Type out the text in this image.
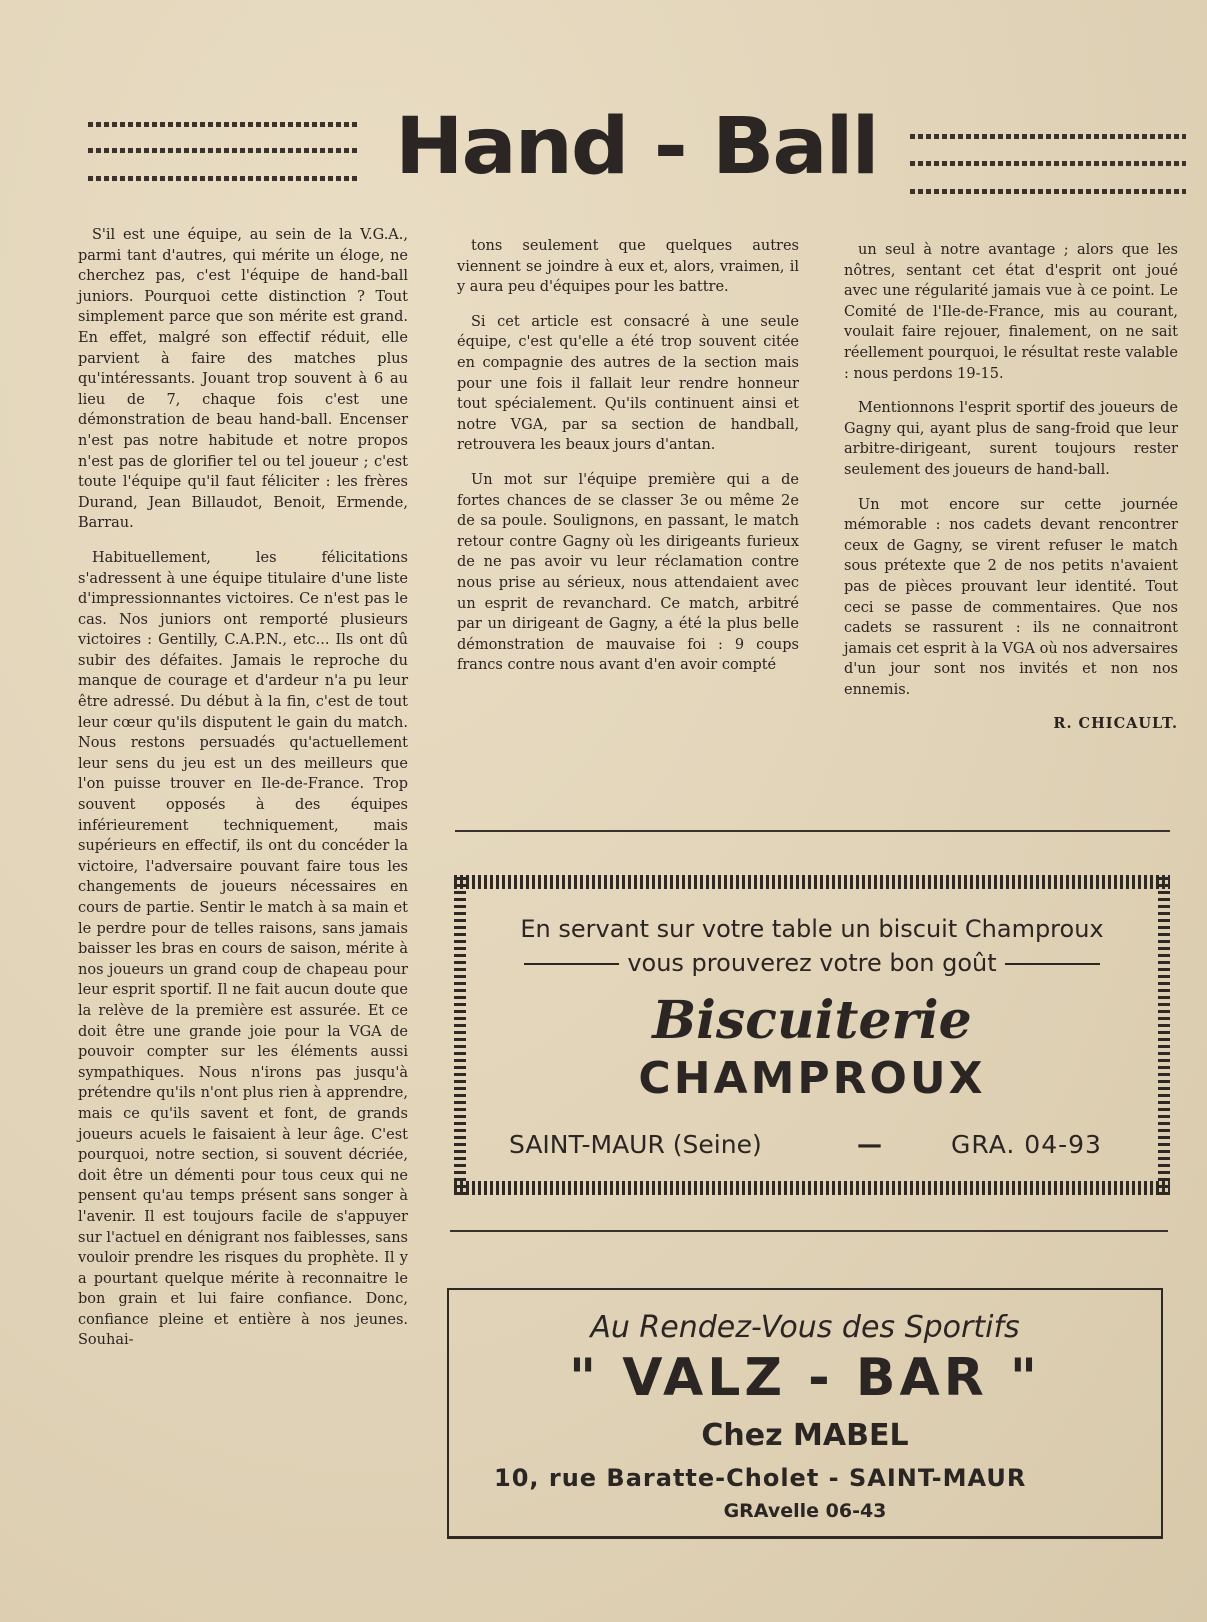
Hand - Ball

S'il est une équipe, au sein de la V.G.A., parmi tant d'autres, qui mérite un éloge, ne cherchez pas, c'est l'équipe de hand-ball juniors. Pourquoi cette distinction ? Tout simplement parce que son mérite est grand. En effet, malgré son effectif réduit, elle parvient à faire des matches plus qu'intéressants. Jouant trop souvent à 6 au lieu de 7, chaque fois c'est une démonstration de beau hand-ball. Encenser n'est pas notre habitude et notre propos n'est pas de glorifier tel ou tel joueur ; c'est toute l'équipe qu'il faut féliciter : les frères Durand, Jean Billaudot, Benoit, Ermende, Barrau.

Habituellement, les félicitations s'adressent à une équipe titulaire d'une liste d'impressionnantes victoires. Ce n'est pas le cas. Nos juniors ont remporté plusieurs victoires : Gentilly, C.A.P.N., etc... Ils ont dû subir des défaites. Jamais le reproche du manque de courage et d'ardeur n'a pu leur être adressé. Du début à la fin, c'est de tout leur cœur qu'ils disputent le gain du match. Nous restons persuadés qu'actuellement leur sens du jeu est un des meilleurs que l'on puisse trouver en Ile-de-France. Trop souvent opposés à des équipes inférieurement techniquement, mais supérieurs en effectif, ils ont du concéder la victoire, l'adversaire pouvant faire tous les changements de joueurs nécessaires en cours de partie. Sentir le match à sa main et le perdre pour de telles raisons, sans jamais baisser les bras en cours de saison, mérite à nos joueurs un grand coup de chapeau pour leur esprit sportif. Il ne fait aucun doute que la relève de la première est assurée. Et ce doit être une grande joie pour la VGA de pouvoir compter sur les éléments aussi sympathiques. Nous n'irons pas jusqu'à prétendre qu'ils n'ont plus rien à apprendre, mais ce qu'ils savent et font, de grands joueurs acuels le faisaient à leur âge. C'est pourquoi, notre section, si souvent décriée, doit être un démenti pour tous ceux qui ne pensent qu'au temps présent sans songer à l'avenir. Il est toujours facile de s'appuyer sur l'actuel en dénigrant nos faiblesses, sans vouloir prendre les risques du prophète. Il y a pourtant quelque mérite à reconnaitre le bon grain et lui faire confiance. Donc, confiance pleine et entière à nos jeunes. Souhai-

tons seulement que quelques autres viennent se joindre à eux et, alors, vraimen, il y aura peu d'équipes pour les battre.

Si cet article est consacré à une seule équipe, c'est qu'elle a été trop souvent citée en compagnie des autres de la section mais pour une fois il fallait leur rendre honneur tout spécialement. Qu'ils continuent ainsi et notre VGA, par sa section de handball, retrouvera les beaux jours d'antan.

Un mot sur l'équipe première qui a de fortes chances de se classer 3e ou même 2e de sa poule. Soulignons, en passant, le match retour contre Gagny où les dirigeants furieux de ne pas avoir vu leur réclamation contre nous prise au sérieux, nous attendaient avec un esprit de revanchard. Ce match, arbitré par un dirigeant de Gagny, a été la plus belle démonstration de mauvaise foi : 9 coups francs contre nous avant d'en avoir compté

un seul à notre avantage ; alors que les nôtres, sentant cet état d'esprit ont joué avec une régularité jamais vue à ce point. Le Comité de l'Ile-de-France, mis au courant, voulait faire rejouer, finalement, on ne sait réellement pourquoi, le résultat reste valable : nous perdons 19-15.

Mentionnons l'esprit sportif des joueurs de Gagny qui, ayant plus de sang-froid que leur arbitre-dirigeant, surent toujours rester seulement des joueurs de hand-ball.

Un mot encore sur cette journée mémorable : nos cadets devant rencontrer ceux de Gagny, se virent refuser le match sous prétexte que 2 de nos petits n'avaient pas de pièces prouvant leur identité. Tout ceci se passe de commentaires. Que nos cadets se rassurent : ils ne connaitront jamais cet esprit à la VGA où nos adversaires d'un jour sont nos invités et non nos ennemis.

R. CHICAULT.

En servant sur votre table un biscuit Champroux
vous prouverez votre bon goût
Biscuiterie
CHAMPROUX
SAINT-MAUR (Seine)	—	GRA. 04-93
Au Rendez-Vous des Sportifs
" VALZ - BAR "
Chez MABEL
10, rue Baratte-Cholet - SAINT-MAUR
GRAvelle 06-43
